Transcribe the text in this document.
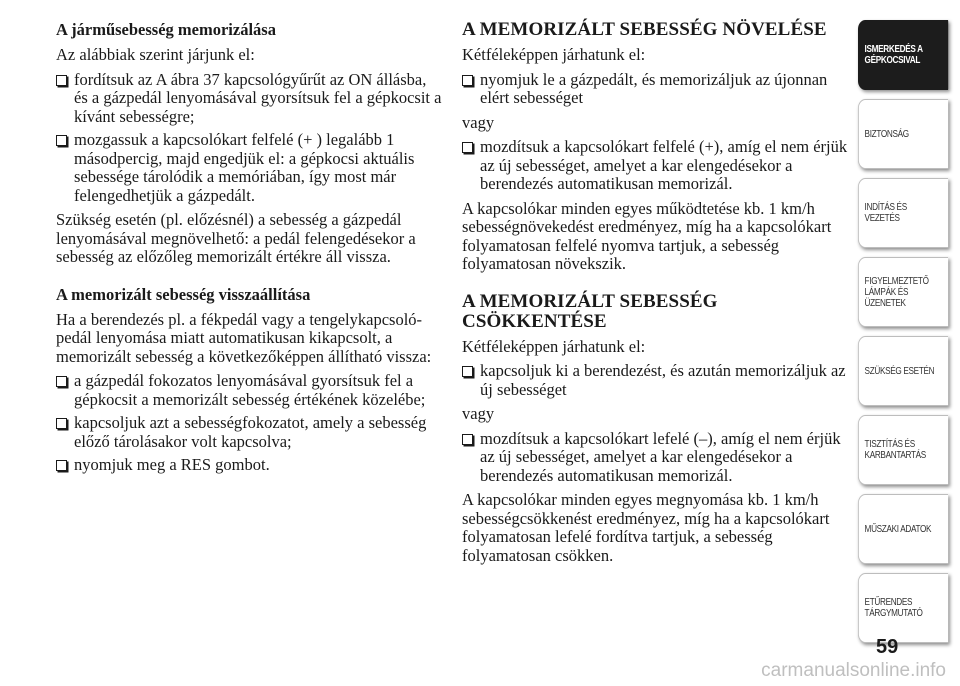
A járműsebesség memorizálása

Az alábbiak szerint járjunk el:

fordítsuk az A ábra 37 kapcsológyűrűt az ON állásba, és a gázpedál lenyomásával gyorsítsuk fel a gépkocsit a kívánt sebességre;
mozgassuk a kapcsolókart felfelé (+ ) legalább 1 másodpercig, majd engedjük el: a gépkocsi aktuális sebessége tárolódik a memóriában, így most már felengedhetjük a gázpedált.

Szükség esetén (pl. előzésnél) a sebesség a gázpedál lenyomásával megnövelhető: a pedál felengedésekor a sebesség az előzőleg memorizált értékre áll vissza.

A memorizált sebesség visszaállítása

Ha a berendezés pl. a fékpedál vagy a tengelykapcsoló-pedál lenyomása miatt automatikusan kikapcsolt, a memorizált sebesség a következőképpen állítható vissza:

a gázpedál fokozatos lenyomásával gyorsítsuk fel a gépkocsit a memorizált sebesség értékének közelébe;
kapcsoljuk azt a sebességfokozatot, amely a sebesség előző tárolásakor volt kapcsolva;
nyomjuk meg a RES gombot.
A MEMORIZÁLT SEBESSÉG NÖVELÉSE

Kétféleképpen járhatunk el:

nyomjuk le a gázpedált, és memorizáljuk az újonnan elért sebességet

vagy

mozdítsuk a kapcsolókart felfelé (+), amíg el nem érjük az új sebességet, amelyet a kar elengedésekor a berendezés automatikusan memorizál.

A kapcsolókar minden egyes működtetése kb. 1 km/h sebességnövekedést eredményez, míg ha a kapcsolókart folyamatosan felfelé nyomva tartjuk, a sebesség folyamatosan növekszik.

A MEMORIZÁLT SEBESSÉG CSÖKKENTÉSE

Kétféleképpen járhatunk el:

kapcsoljuk ki a berendezést, és azután memorizáljuk az új sebességet

vagy

mozdítsuk a kapcsolókart lefelé (–), amíg el nem érjük az új sebességet, amelyet a kar elengedésekor a berendezés automatikusan memorizál.

A kapcsolókar minden egyes megnyomása kb. 1 km/h sebességcsökkenést eredményez, míg ha a kapcsolókart folyamatosan lefelé fordítva tartjuk, a sebesség folyamatosan csökken.

ISMERKEDÉS A
GÉPKOCSIVAL
BIZTONSÁG
INDÍTÁS ÉS
VEZETÉS
FIGYELMEZTETŐ
LÁMPÁK ÉS
ÜZENETEK
SZÜKSÉG ESETÉN
TISZTÍTÁS ÉS
KARBANTARTÁS
MŰSZAKI ADATOK
ETŰRENDES
TÁRGYMUTATÓ
59
carmanualsonline.info
